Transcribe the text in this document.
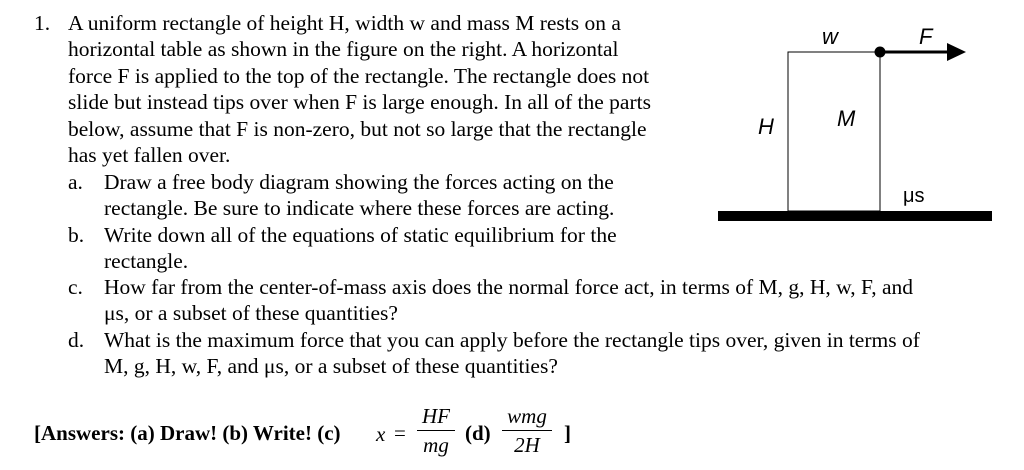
1. A uniform rectangle of height H, width w and mass M rests on a
horizontal table as shown in the figure on the right. A horizontal
force F is applied to the top of the rectangle. The rectangle does not
slide but instead tips over when F is large enough. In all of the parts
below, assume that F is non-zero, but not so large that the rectangle
has yet fallen over.
a. Draw a free body diagram showing the forces acting on the
rectangle. Be sure to indicate where these forces are acting.
b. Write down all of the equations of static equilibrium for the
rectangle.
c. How far from the center-of-mass axis does the normal force act, in terms of M, g, H, w, F, and
μs, or a subset of these quantities?
d. What is the maximum force that you can apply before the rectangle tips over, given in terms of
M, g, H, w, F, and μs, or a subset of these quantities?
[Answers: (a) Draw! (b) Write! (c) x =
HF
mg (d)
wmg
2H	]
w	F
H	M
μs
